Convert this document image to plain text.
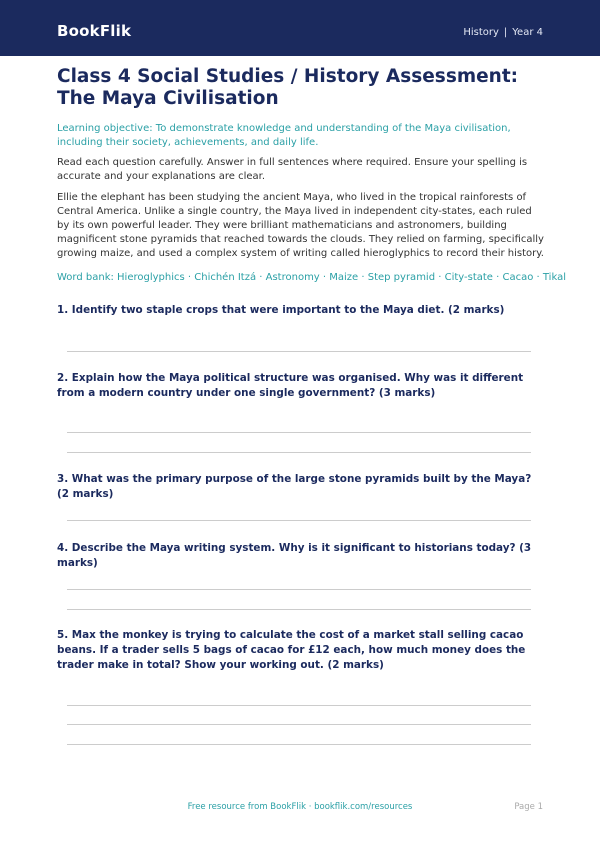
BookFlik	History | Year 4
Class 4 Social Studies / History Assessment: The Maya Civilisation
Learning objective: To demonstrate knowledge and understanding of the Maya civilisation, including their society, achievements, and daily life.
Read each question carefully. Answer in full sentences where required. Ensure your spelling is accurate and your explanations are clear.
Ellie the elephant has been studying the ancient Maya, who lived in the tropical rainforests of Central America. Unlike a single country, the Maya lived in independent city-states, each ruled by its own powerful leader. They were brilliant mathematicians and astronomers, building magnificent stone pyramids that reached towards the clouds. They relied on farming, specifically growing maize, and used a complex system of writing called hieroglyphics to record their history.
Word bank: Hieroglyphics · Chichén Itzá · Astronomy · Maize · Step pyramid · City-state · Cacao · Tikal
1. Identify two staple crops that were important to the Maya diet. (2 marks)
2. Explain how the Maya political structure was organised. Why was it different from a modern country under one single government? (3 marks)
3. What was the primary purpose of the large stone pyramids built by the Maya? (2 marks)
4. Describe the Maya writing system. Why is it significant to historians today? (3 marks)
5. Max the monkey is trying to calculate the cost of a market stall selling cacao beans. If a trader sells 5 bags of cacao for £12 each, how much money does the trader make in total? Show your working out. (2 marks)
Free resource from BookFlik · bookflik.com/resources	Page 1
